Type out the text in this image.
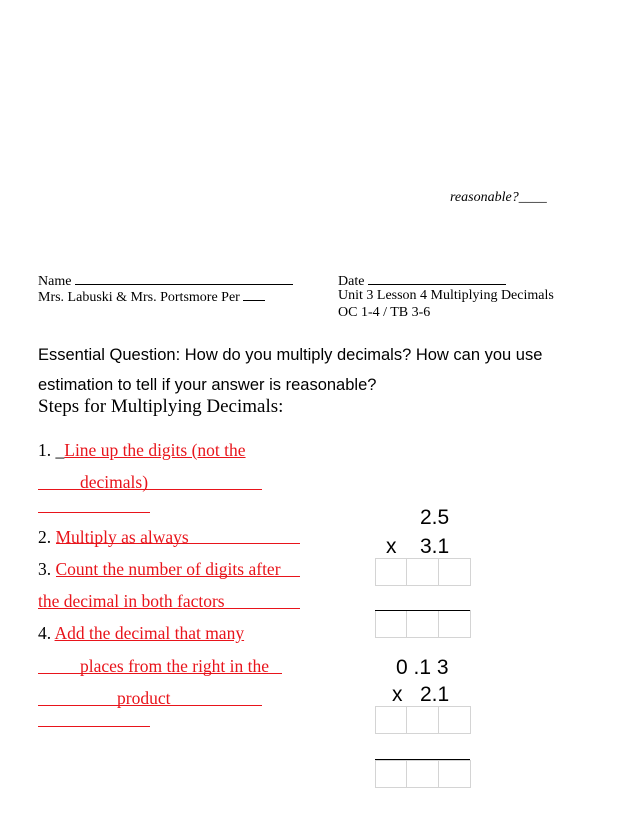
reasonable?____
Name
Mrs. Labuski & Mrs. Portsmore Per
Date
Unit 3 Lesson 4 Multiplying Decimals
OC 1-4 / TB 3-6
Essential Question: How do you multiply decimals? How can you use
estimation to tell if your answer is reasonable?
Steps for Multiplying Decimals:
1. _Line up the digits (not the
decimals)
2. Multiply as always
3. Count the number of digits after
the decimal in both factors
4. Add the decimal that many
places from the right in the
product
2.5
x 3.1
0 .1 3
x 2.1
